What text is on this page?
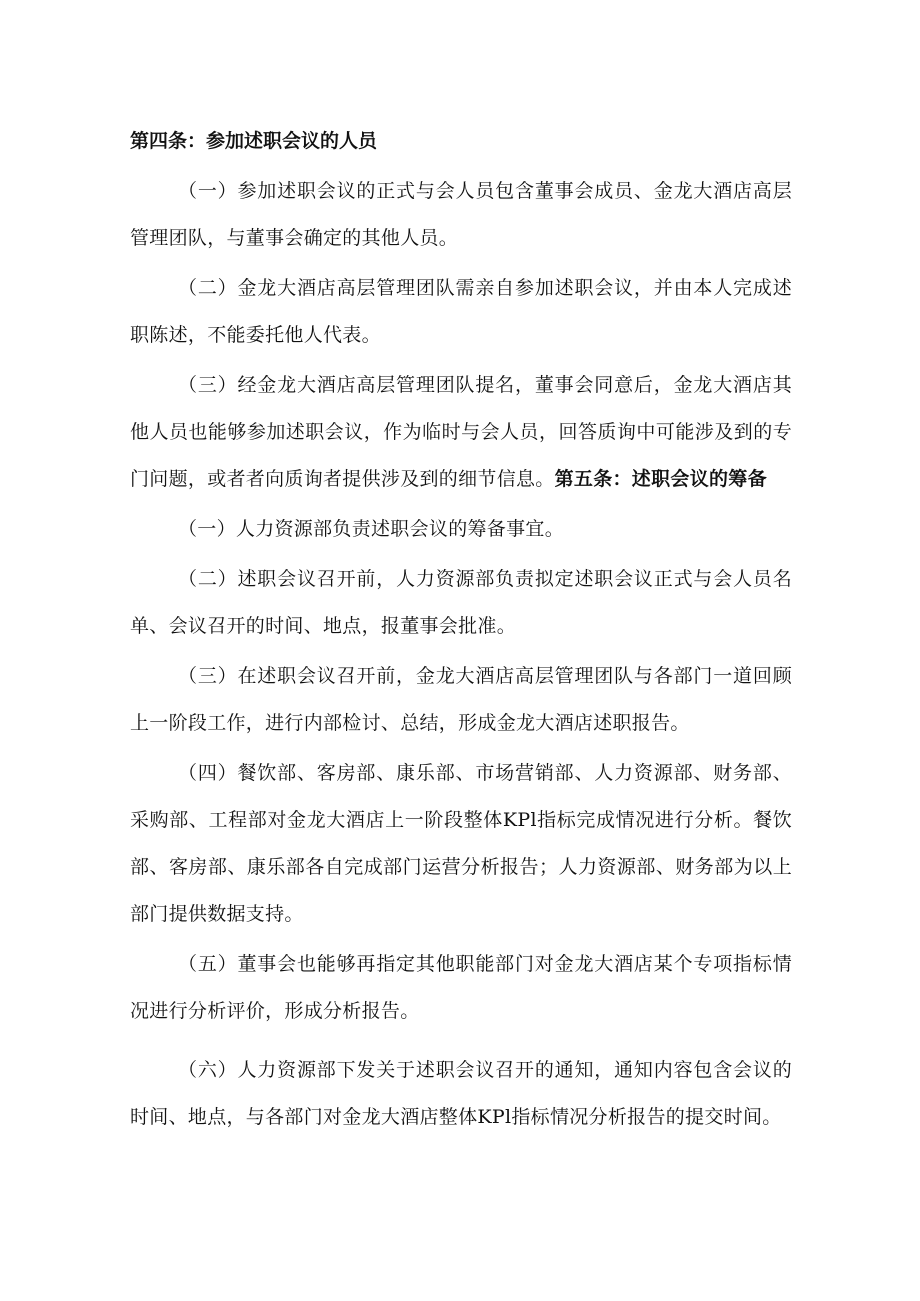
第四条：参加述职会议的人员

（一）参加述职会议的正式与会人员包含董事会成员、金龙大酒店高层管理团队，与董事会确定的其他人员。

（二）金龙大酒店高层管理团队需亲自参加述职会议，并由本人完成述职陈述，不能委托他人代表。

（三）经金龙大酒店高层管理团队提名，董事会同意后，金龙大酒店其他人员也能够参加述职会议，作为临时与会人员，回答质询中可能涉及到的专门问题，或者者向质询者提供涉及到的细节信息。第五条：述职会议的筹备

（一）人力资源部负责述职会议的筹备事宜。

（二）述职会议召开前，人力资源部负责拟定述职会议正式与会人员名单、会议召开的时间、地点，报董事会批准。

（三）在述职会议召开前，金龙大酒店高层管理团队与各部门一道回顾上一阶段工作，进行内部检讨、总结，形成金龙大酒店述职报告。

（四）餐饮部、客房部、康乐部、市场营销部、人力资源部、财务部、采购部、工程部对金龙大酒店上一阶段整体KPl指标完成情况进行分析。餐饮部、客房部、康乐部各自完成部门运营分析报告；人力资源部、财务部为以上部门提供数据支持。

（五）董事会也能够再指定其他职能部门对金龙大酒店某个专项指标情况进行分析评价，形成分析报告。

（六）人力资源部下发关于述职会议召开的通知，通知内容包含会议的时间、地点，与各部门对金龙大酒店整体KPl指标情况分析报告的提交时间。
